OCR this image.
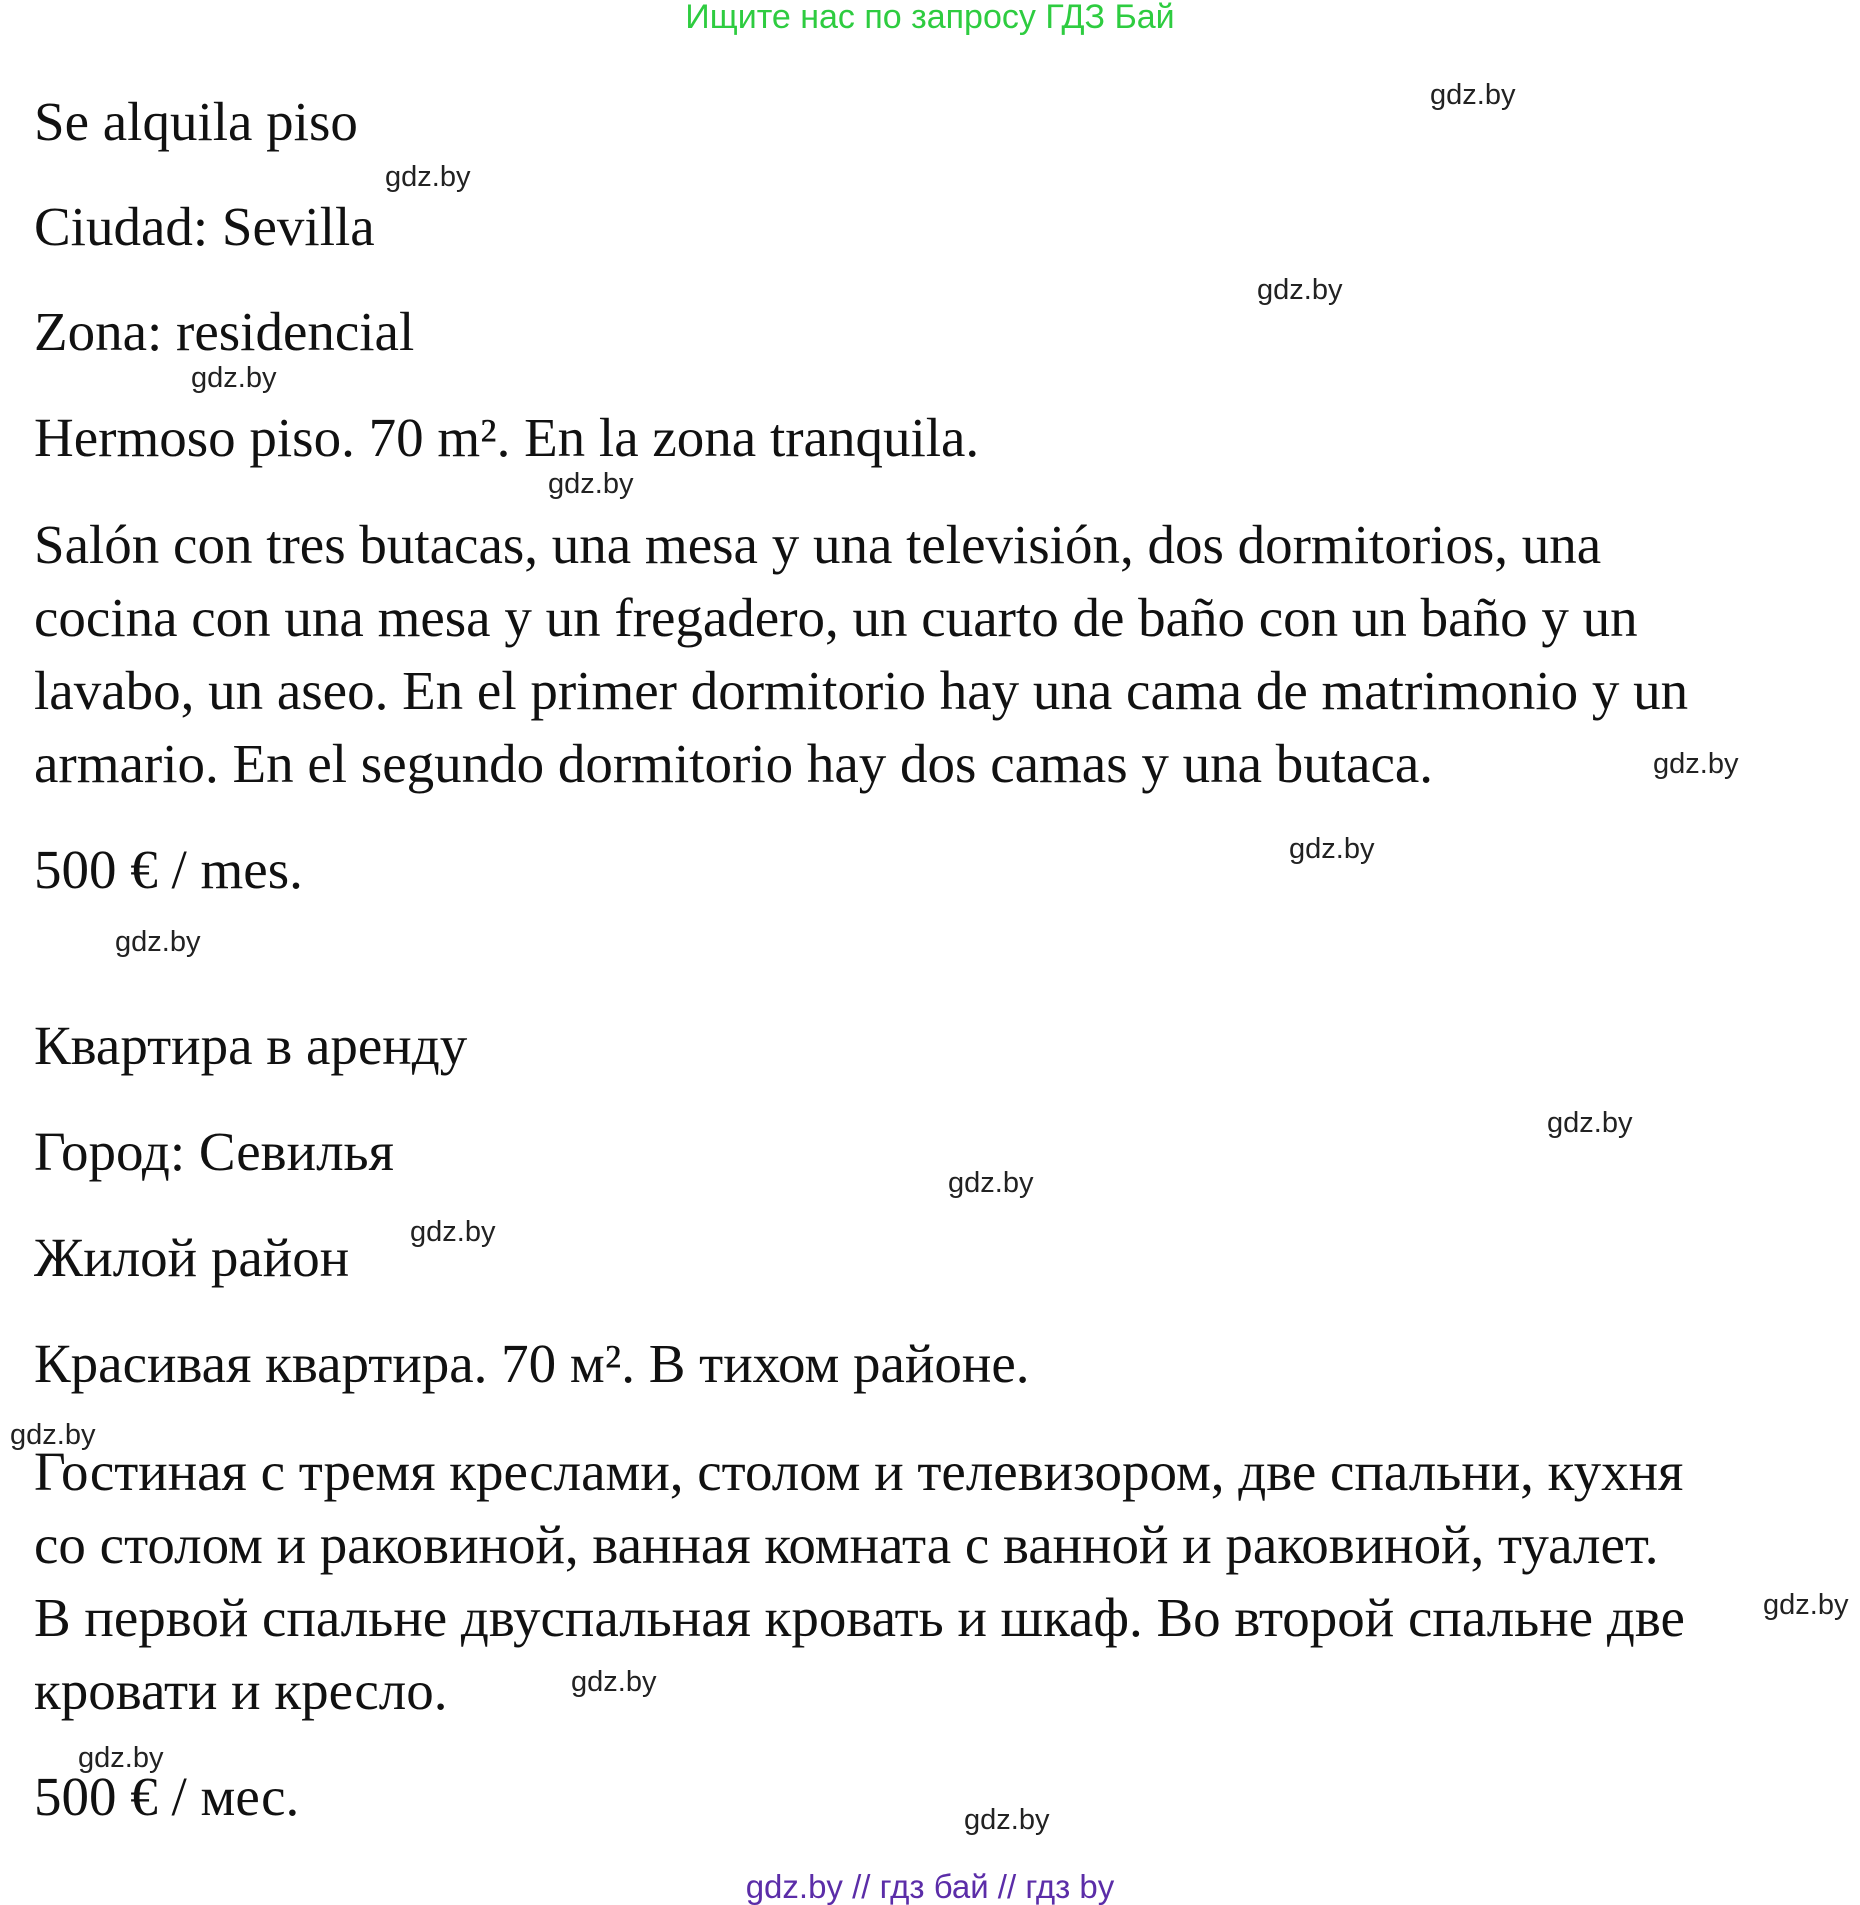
Ищите нас по запросу ГДЗ Бай
Se alquila piso
Ciudad: Sevilla
Zona: residencial
Hermoso piso. 70 m². En la zona tranquila.
Salón con tres butacas, una mesa y una televisión, dos dormitorios, una
cocina con una mesa y un fregadero, un cuarto de baño con un baño y un
lavabo, un aseo. En el primer dormitorio hay una cama de matrimonio y un
armario. En el segundo dormitorio hay dos camas y una butaca.
500 € / mes.
Квартира в аренду
Город: Севилья
Жилой район
Красивая квартира. 70 м². В тихом районе.
Гостиная с тремя креслами, столом и телевизором, две спальни, кухня
со столом и раковиной, ванная комната с ванной и раковиной, туалет.
В первой спальне двуспальная кровать и шкаф. Во второй спальне две
кровати и кресло.
500 € / мес.
gdz.by
gdz.by
gdz.by
gdz.by
gdz.by
gdz.by
gdz.by
gdz.by
gdz.by
gdz.by
gdz.by
gdz.by
gdz.by
gdz.by
gdz.by
gdz.by
gdz.by // гдз бай // гдз by
